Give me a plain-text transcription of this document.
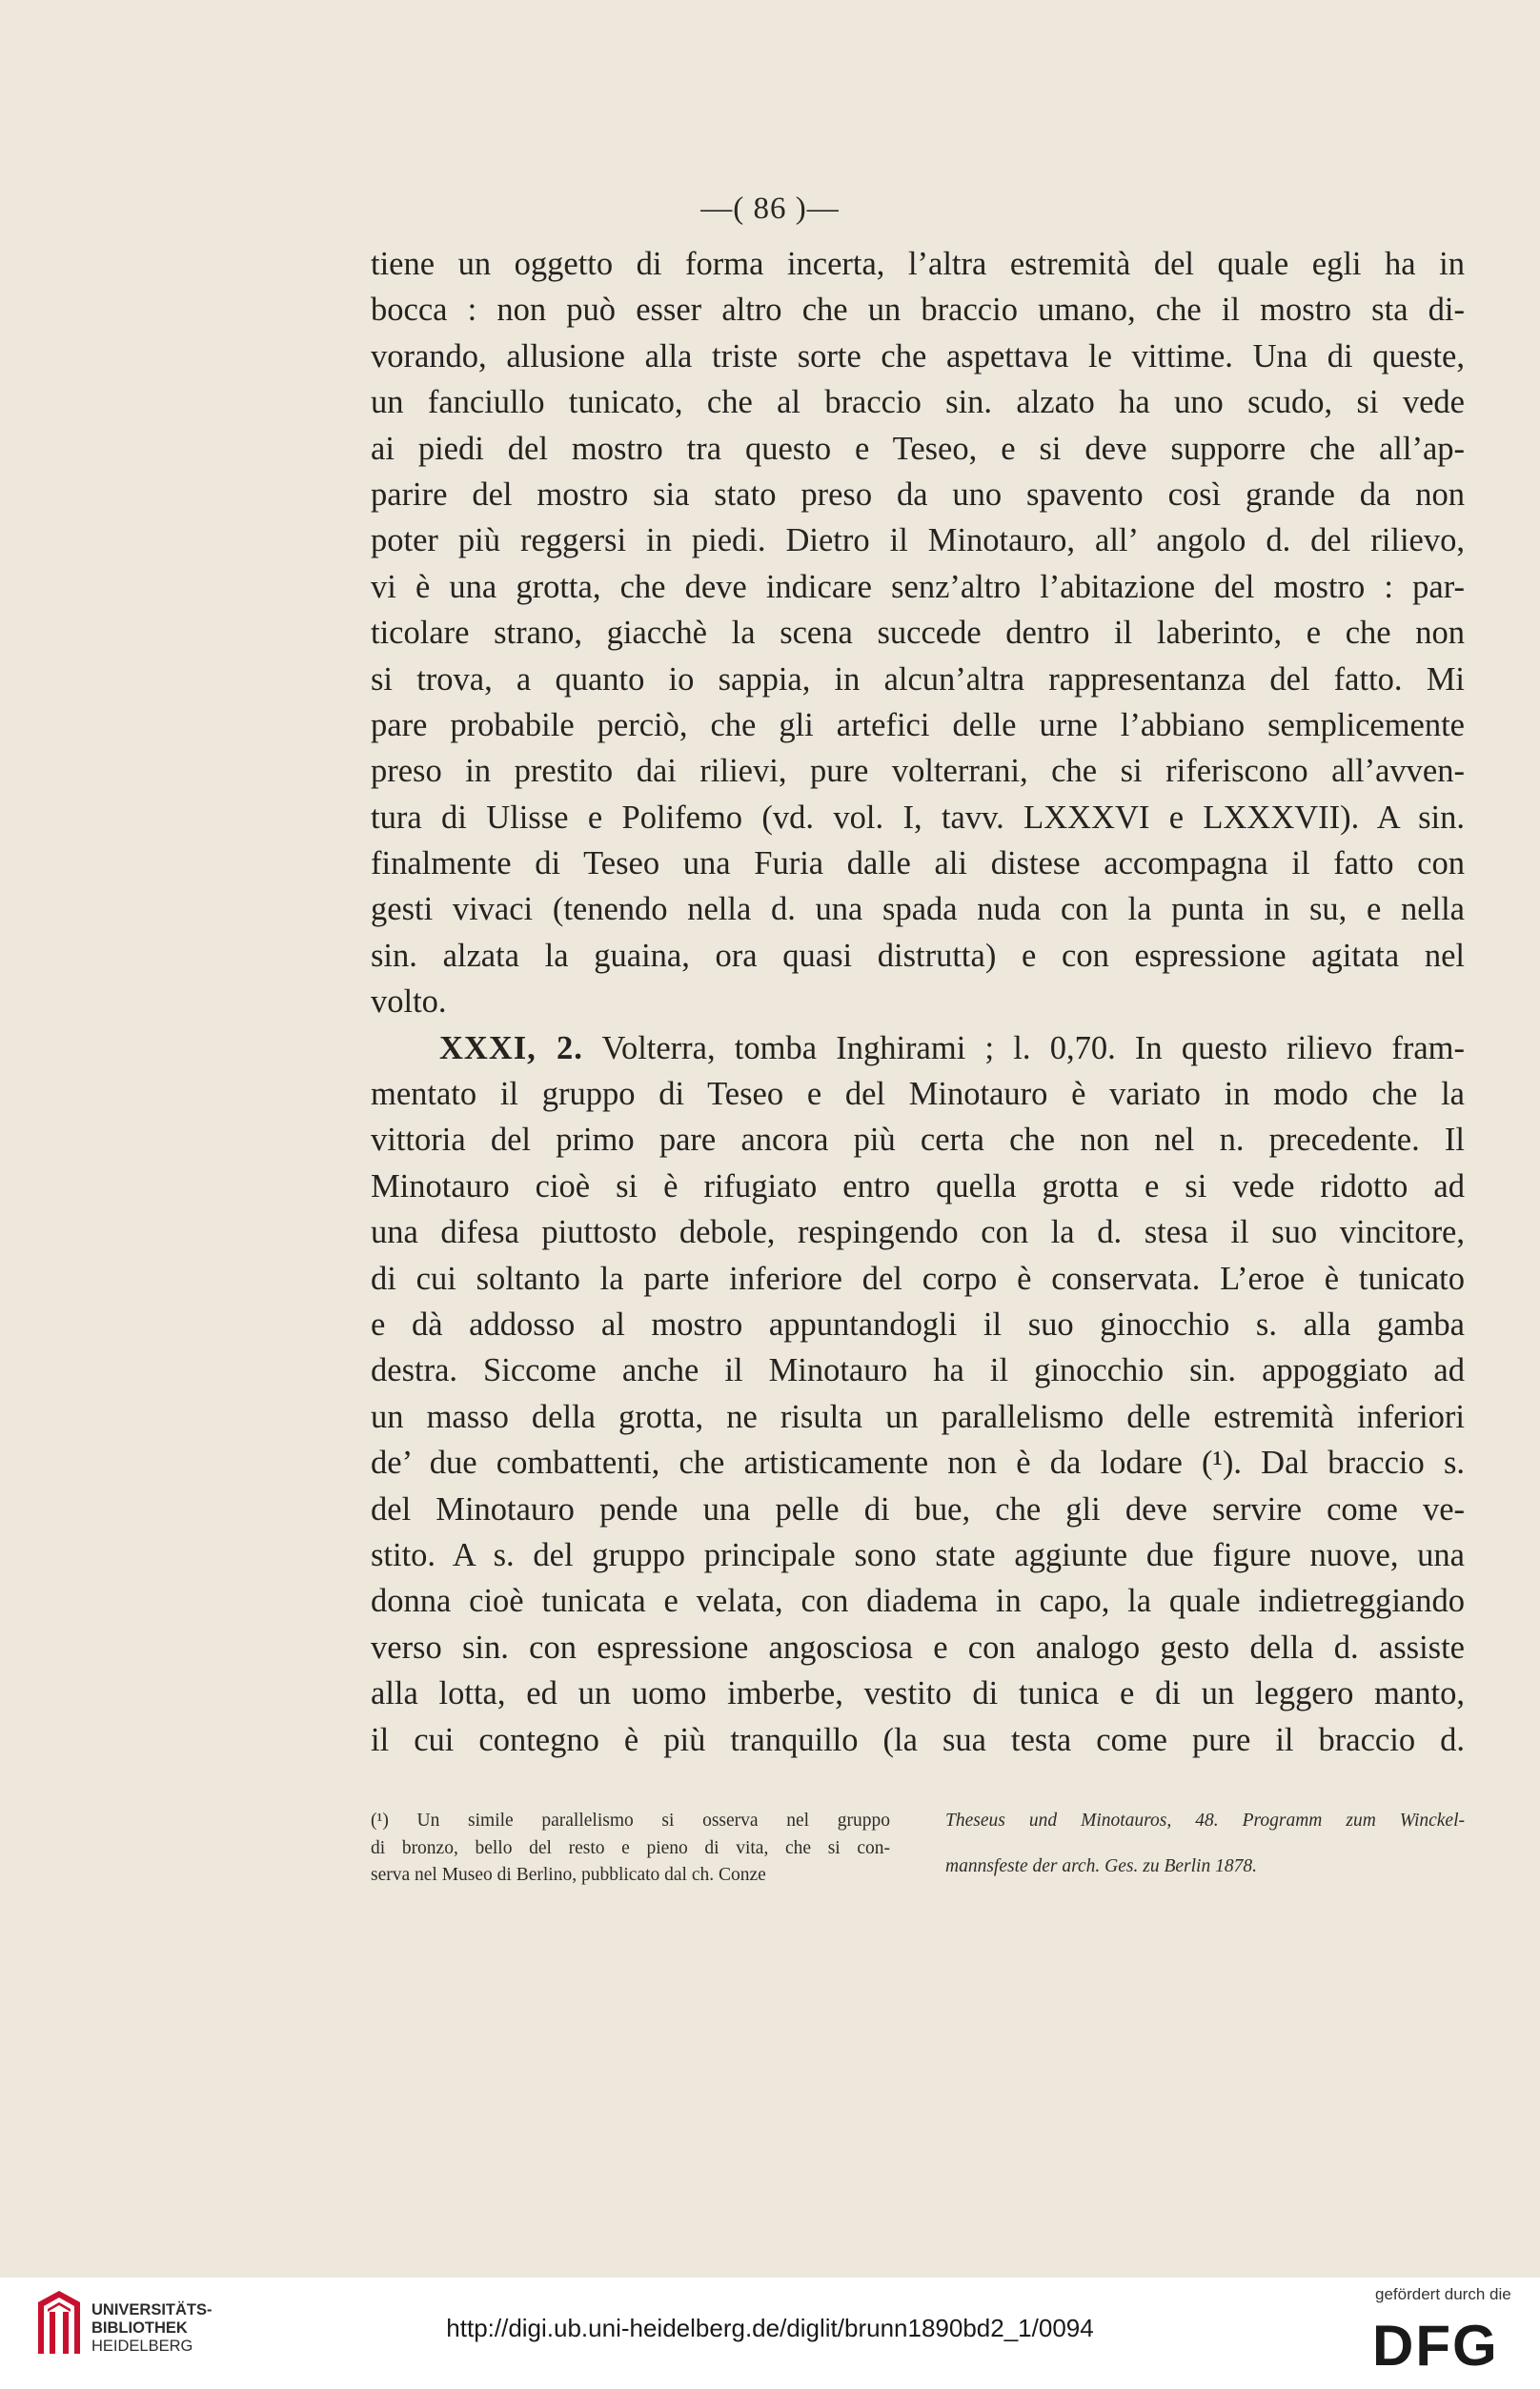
—( 86 )—
tiene un oggetto di forma incerta, l’altra estremità del quale egli ha in
bocca : non può esser altro che un braccio umano, che il mostro sta di-
vorando, allusione alla triste sorte che aspettava le vittime. Una di queste,
un fanciullo tunicato, che al braccio sin. alzato ha uno scudo, si vede
ai piedi del mostro tra questo e Teseo, e si deve supporre che all’ap-
parire del mostro sia stato preso da uno spavento così grande da non
poter più reggersi in piedi. Dietro il Minotauro, all’ angolo d. del rilievo,
vi è una grotta, che deve indicare senz’altro l’abitazione del mostro : par-
ticolare strano, giacchè la scena succede dentro il laberinto, e che non
si trova, a quanto io sappia, in alcun’altra rappresentanza del fatto. Mi
pare probabile perciò, che gli artefici delle urne l’abbiano semplicemente
preso in prestito dai rilievi, pure volterrani, che si riferiscono all’avven-
tura di Ulisse e Polifemo (vd. vol. I, tavv. LXXXVI e LXXXVII). A sin.
finalmente di Teseo una Furia dalle ali distese accompagna il fatto con
gesti vivaci (tenendo nella d. una spada nuda con la punta in su, e nella
sin. alzata la guaina, ora quasi distrutta) e con espressione agitata nel
volto.
XXXI, 2. Volterra, tomba Inghirami ; l. 0,70. In questo rilievo fram-
mentato il gruppo di Teseo e del Minotauro è variato in modo che la
vittoria del primo pare ancora più certa che non nel n. precedente. Il
Minotauro cioè si è rifugiato entro quella grotta e si vede ridotto ad
una difesa piuttosto debole, respingendo con la d. stesa il suo vincitore,
di cui soltanto la parte inferiore del corpo è conservata. L’eroe è tunicato
e dà addosso al mostro appuntandogli il suo ginocchio s. alla gamba
destra. Siccome anche il Minotauro ha il ginocchio sin. appoggiato ad
un masso della grotta, ne risulta un parallelismo delle estremità inferiori
de’ due combattenti, che artisticamente non è da lodare (¹). Dal braccio s.
del Minotauro pende una pelle di bue, che gli deve servire come ve-
stito. A s. del gruppo principale sono state aggiunte due figure nuove, una
donna cioè tunicata e velata, con diadema in capo, la quale indietreggiando
verso sin. con espressione angosciosa e con analogo gesto della d. assiste
alla lotta, ed un uomo imberbe, vestito di tunica e di un leggero manto,
il cui contegno è più tranquillo (la sua testa come pure il braccio d.
(¹) Un simile parallelismo si osserva nel gruppo
di bronzo, bello del resto e pieno di vita, che si con-
serva nel Museo di Berlino, pubblicato dal ch. Conze
Theseus und Minotauros, 48. Programm zum Winckel-
mannsfeste der arch. Ges. zu Berlin 1878.
UNIVERSITÄTS-
BIBLIOTHEK
HEIDELBERG
http://digi.ub.uni-heidelberg.de/diglit/brunn1890bd2_1/0094
gefördert durch die
DFG
